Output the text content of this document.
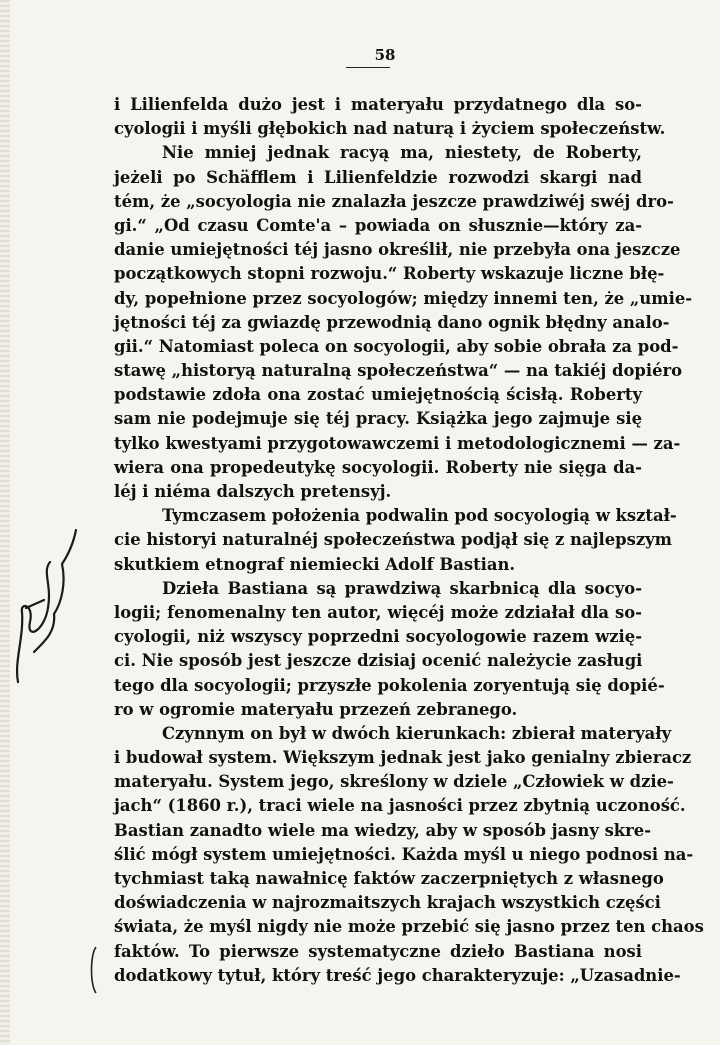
58
i Lilienfelda dużo jest i materyału przydatnego dla so-
cyologii i myśli głębokich nad naturą i życiem społeczeństw.
Nie mniej jednak racyą ma, niestety, de Roberty,
jeżeli po Schäfflem i Lilienfeldzie rozwodzi skargi nad
tém, że „socyologia nie znalazła jeszcze prawdziwéj swéj dro-
gi.“ „Od czasu Comte'a – powiada on słusznie—który za-
danie umiejętności téj jasno określił, nie przebyła ona jeszcze
początkowych stopni rozwoju.“ Roberty wskazuje liczne błę-
dy, popełnione przez socyologów; między innemi ten, że „umie-
jętności téj za gwiazdę przewodnią dano ognik błędny analo-
gii.“ Natomiast poleca on socyologii, aby sobie obrała za pod-
stawę „historyą naturalną społeczeństwa“ — na takiéj dopiéro
podstawie zdoła ona zostać umiejętnością ścisłą. Roberty
sam nie podejmuje się téj pracy. Książka jego zajmuje się
tylko kwestyami przygotowawczemi i metodologicznemi — za-
wiera ona propedeutykę socyologii. Roberty nie sięga da-
léj i niéma dalszych pretensyj.
Tymczasem położenia podwalin pod socyologią w kształ-
cie historyi naturalnéj społeczeństwa podjął się z najlepszym
skutkiem etnograf niemiecki Adolf Bastian.
Dzieła Bastiana są prawdziwą skarbnicą dla socyo-
logii; fenomenalny ten autor, więcéj może zdziałał dla so-
cyologii, niż wszyscy poprzedni socyologowie razem wzię-
ci. Nie sposób jest jeszcze dzisiaj ocenić należycie zasługi
tego dla socyologii; przyszłe pokolenia zoryentują się dopié-
ro w ogromie materyału przezeń zebranego.
Czynnym on był w dwóch kierunkach: zbierał materyały
i budował system. Większym jednak jest jako genialny zbieracz
materyału. System jego, skreślony w dziele „Człowiek w dzie-
jach“ (1860 r.), traci wiele na jasności przez zbytnią uczoność.
Bastian zanadto wiele ma wiedzy, aby w sposób jasny skre-
ślić mógł system umiejętności. Każda myśl u niego podnosi na-
tychmiast taką nawałnicę faktów zaczerpniętych z własnego
doświadczenia w najrozmaitszych krajach wszystkich części
świata, że myśl nigdy nie może przebić się jasno przez ten chaos
faktów. To pierwsze systematyczne dzieło Bastiana nosi
dodatkowy tytuł, który treść jego charakteryzuje: „Uzasadnie-
